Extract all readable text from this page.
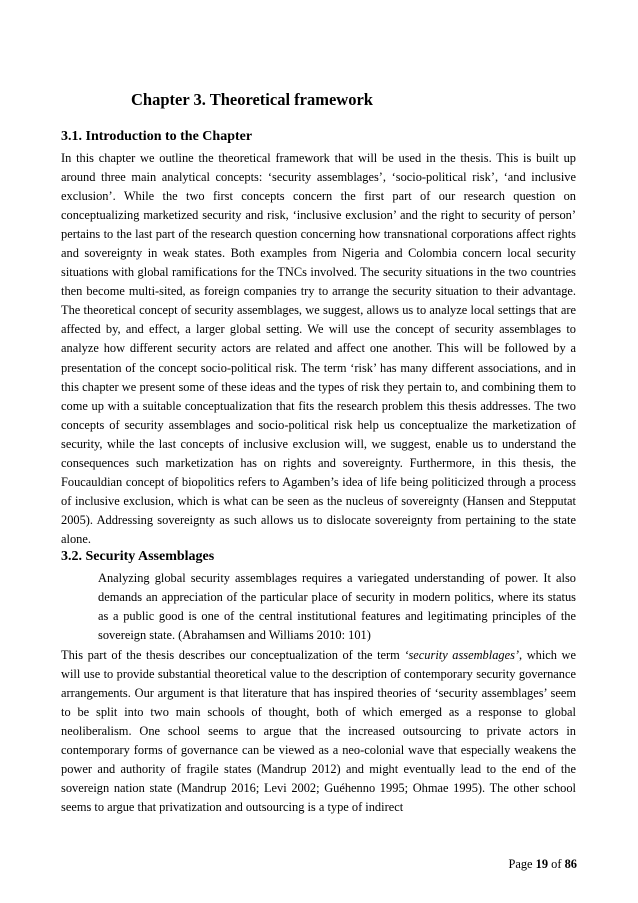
Chapter 3. Theoretical framework
3.1. Introduction to the Chapter

In this chapter we outline the theoretical framework that will be used in the thesis. This is built up around three main analytical concepts: ‘security assemblages’, ‘socio-political risk’, ‘and inclusive exclusion’. While the two first concepts concern the first part of our research question on conceptualizing marketized security and risk, ‘inclusive exclusion’ and the right to security of person’ pertains to the last part of the research question concerning how transnational corporations affect rights and sovereignty in weak states. Both examples from Nigeria and Colombia concern local security situations with global ramifications for the TNCs involved. The security situations in the two countries then become multi-sited, as foreign companies try to arrange the security situation to their advantage. The theoretical concept of security assemblages, we suggest, allows us to analyze local settings that are affected by, and effect, a larger global setting. We will use the concept of security assemblages to analyze how different security actors are related and affect one another. This will be followed by a presentation of the concept socio-political risk. The term ‘risk’ has many different associations, and in this chapter we present some of these ideas and the types of risk they pertain to, and combining them to come up with a suitable conceptualization that fits the research problem this thesis addresses. The two concepts of security assemblages and socio-political risk help us conceptualize the marketization of security, while the last concepts of inclusive exclusion will, we suggest, enable us to understand the consequences such marketization has on rights and sovereignty. Furthermore, in this thesis, the Foucauldian concept of biopolitics refers to Agamben’s idea of life being politicized through a process of inclusive exclusion, which is what can be seen as the nucleus of sovereignty (Hansen and Stepputat 2005). Addressing sovereignty as such allows us to dislocate sovereignty from pertaining to the state alone.

3.2. Security Assemblages

Analyzing global security assemblages requires a variegated understanding of power. It also demands an appreciation of the particular place of security in modern politics, where its status as a public good is one of the central institutional features and legitimating principles of the sovereign state. (Abrahamsen and Williams 2010: 101)

This part of the thesis describes our conceptualization of the term ‘security assemblages’, which we will use to provide substantial theoretical value to the description of contemporary security governance arrangements. Our argument is that literature that has inspired theories of ‘security assemblages’ seem to be split into two main schools of thought, both of which emerged as a response to global neoliberalism. One school seems to argue that the increased outsourcing to private actors in contemporary forms of governance can be viewed as a neo-colonial wave that especially weakens the power and authority of fragile states (Mandrup 2012) and might eventually lead to the end of the sovereign nation state (Mandrup 2016; Levi 2002; Guéhenno 1995; Ohmae 1995). The other school seems to argue that privatization and outsourcing is a type of indirect

Page 19 of 86
